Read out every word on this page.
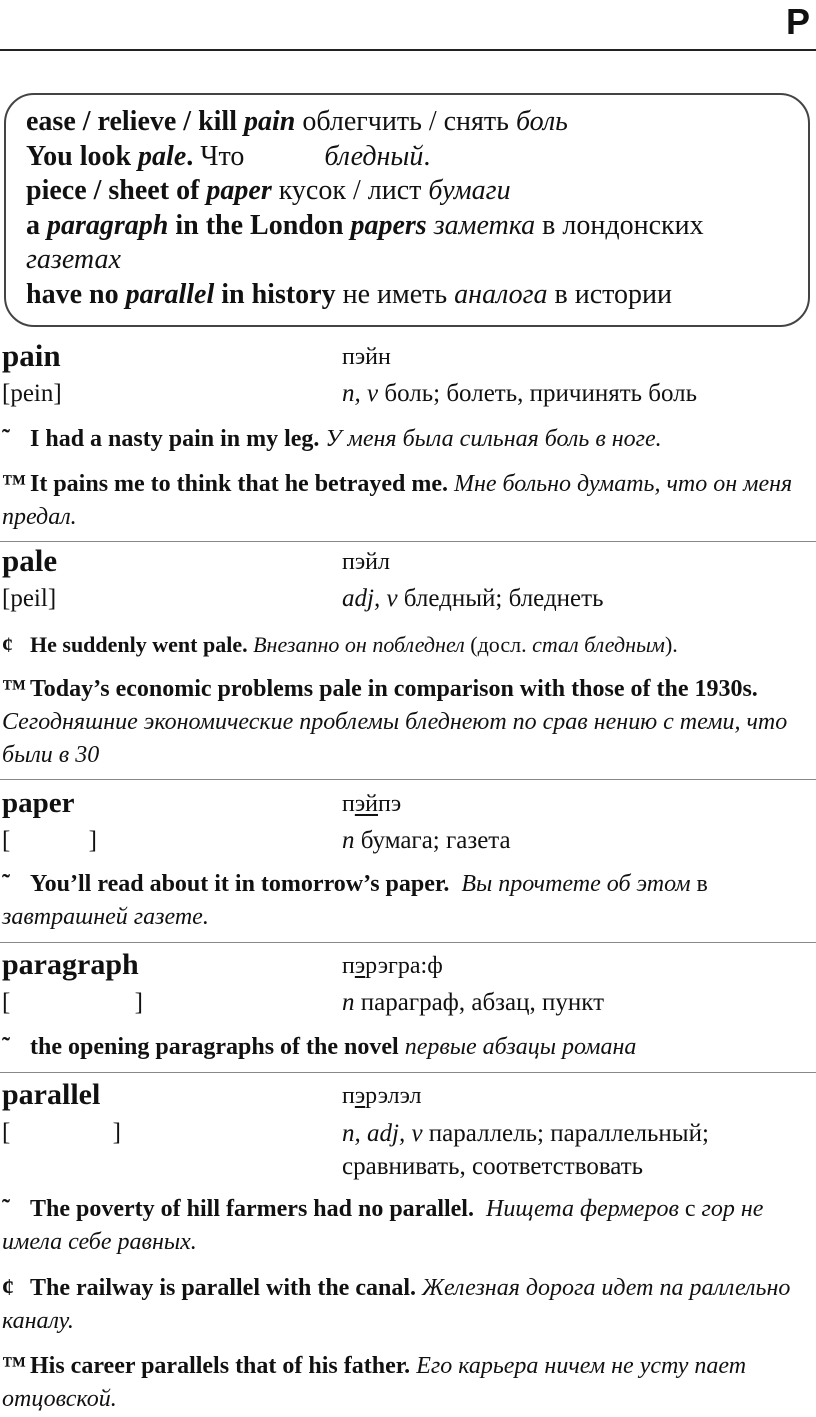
P
ease / relieve / kill pain облегчить / снять боль
You look pale. Что	бледный.
piece / sheet of paper кусок / лист бумаги
a paragraph in the London papers заметка в лондонских
газетах
have no parallel in history не иметь аналога в истории
pain	пэйн
[pein]	n, v боль; болеть, причинять боль
˜ I had a nasty pain in my leg. У меня была сильная боль в ноге.
™ It pains me to think that he betrayed me. Мне больно думать, что он меня предал.
pale	пэйл
[peil]	adj, v бледный; бледнеть
¢ He suddenly went pale. Внезапно он побледнел (досл. стал бледным).
™ Today’s economic problems pale in comparison with those of the 1930s. Сегодняшние экономические проблемы бледнеют по срав нению с теми, что были в 30
paper	пэйпэ
[ ]	n бумага; газета
˜ You’ll read about it in tomorrow’s paper. Вы прочтете об этом в завтрашней газете.
paragraph	пэрэгра:ф
[ ]	n параграф, абзац, пункт
˜ the opening paragraphs of the novel первые абзацы романа
parallel	пэрэлэл
[ ]	n, adj, v параллель; параллельный; сравнивать, соответствовать
˜ The poverty of hill farmers had no parallel. Нищета фермеров с гор не имела себе равных.
¢ The railway is parallel with the canal. Железная дорога идет па раллельно каналу.
™ His career parallels that of his father. Его карьера ничем не усту пает отцовской.
